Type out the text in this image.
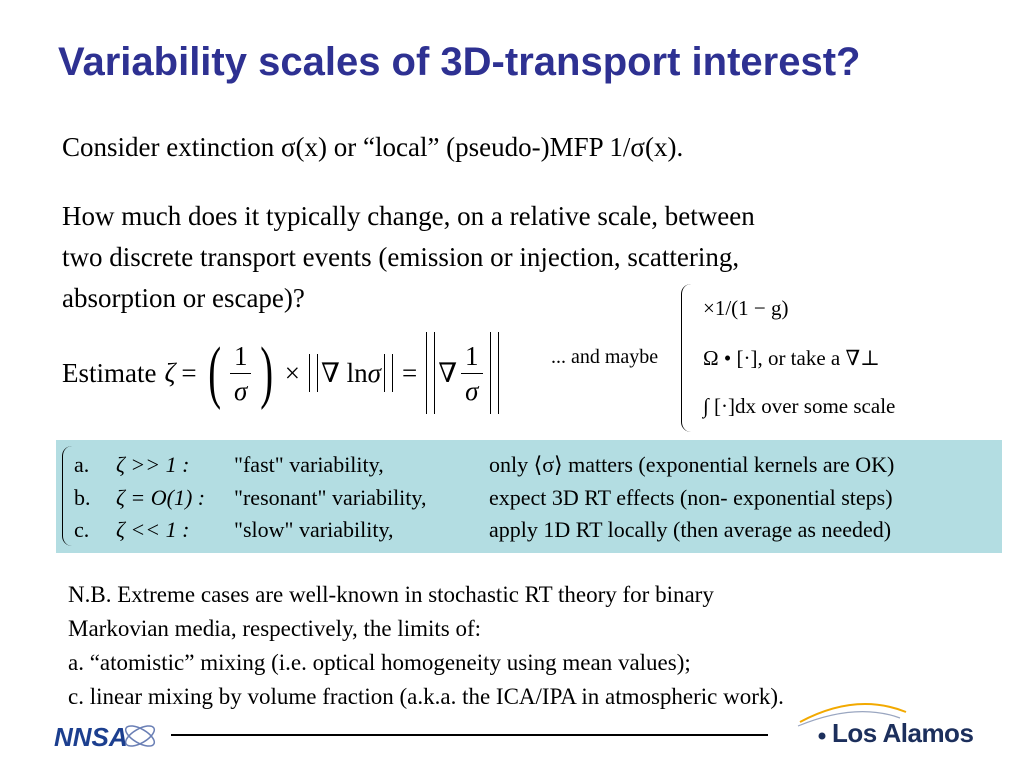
Variability scales of 3D-transport interest?
Consider extinction σ(x) or “local” (pseudo-)MFP 1/σ(x).
How much does it typically change, on a relative scale, between
two discrete transport events (emission or injection, scattering,
absorption or escape)?
Estimate ζ = ( $\frac{1}{\sigma}$ ) × ∇ lnσ = ∇ $\frac{1}{\sigma}$	... and maybe
×1/(1 − g)
Ω • [·], or take a ∇⊥
∫ [·]dx over some scale
a. ζ >> 1 : "fast" variability,	only ⟨σ⟩ matters (exponential kernels are OK)
b. ζ = O(1) : "resonant" variability,	expect 3D RT effects (non- exponential steps)
c. ζ << 1 : "slow" variability,	apply 1D RT locally (then average as needed)
N.B. Extreme cases are well-known in stochastic RT theory for binary
Markovian media, respectively, the limits of:
a. “atomistic” mixing (i.e. optical homogeneity using mean values);
c. linear mixing by volume fraction (a.k.a. the ICA/IPA in atmospheric work).
NNSA	Los Alamos
